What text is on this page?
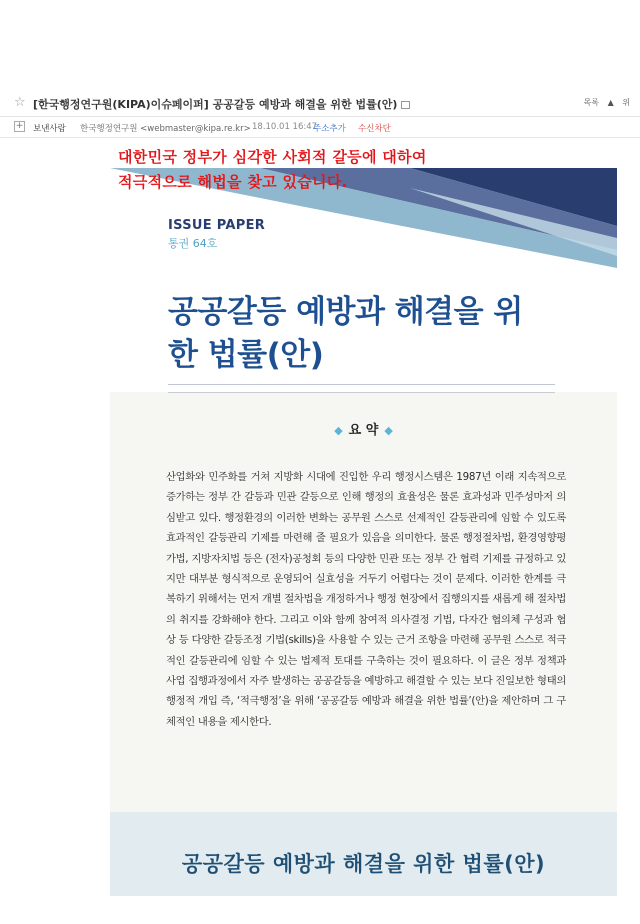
☆ [한국행정연구원(KIPA)이슈페이퍼] 공공갈등 예방과 해결을 위한 법률(안)	목록 ▲ 위
+ 보낸사람 한국행정연구원 <webmaster@kipa.re.kr> 18.10.01 16:47
주소추가 수신차단
대한민국 정부가 심각한 사회적 갈등에 대하여
적극적으로 해법을 찾고 있습니다.
ISSUE PAPER
통권 64호
공공갈등 예방과 해결을 위
한 법률(안)
◆ 요 약 ◆
산업화와 민주화를 거쳐 지방화 시대에 진입한 우리 행정시스템은 1987년 이래 지속적으로 증가하는 정부 간 갈등과 민관 갈등으로 인해 행정의 효율성은 물론 효과성과 민주성마저 의심받고 있다. 행정환경의 이러한 변화는 공무원 스스로 선제적인 갈등관리에 임할 수 있도록 효과적인 갈등관리 기제를 마련해 줄 필요가 있음을 의미한다. 물론 행정절차법, 환경영향평가법, 지방자치법 등은 (전자)공청회 등의 다양한 민관 또는 정부 간 협력 기제를 규정하고 있지만 대부분 형식적으로 운영되어 실효성을 거두기 어렵다는 것이 문제다. 이러한 한계를 극복하기 위해서는 먼저 개별 절차법을 개정하거나 행정 현장에서 집행의지를 새롭게 해 절차법의 취지를 강화해야 한다. 그리고 이와 함께 참여적 의사결정 기법, 다자간 협의체 구성과 협상 등 다양한 갈등조정 기법(skills)을 사용할 수 있는 근거 조항을 마련해 공무원 스스로 적극적인 갈등관리에 임할 수 있는 법제적 토대를 구축하는 것이 필요하다. 이 글은 정부 정책과 사업 집행과정에서 자주 발생하는 공공갈등을 예방하고 해결할 수 있는 보다 진일보한 형태의 행정적 개입 즉, ‘적극행정’을 위해 ‘공공갈등 예방과 해결을 위한 법률’(안)을 제안하며 그 구체적인 내용을 제시한다.
공공갈등 예방과 해결을 위한 법률(안)
